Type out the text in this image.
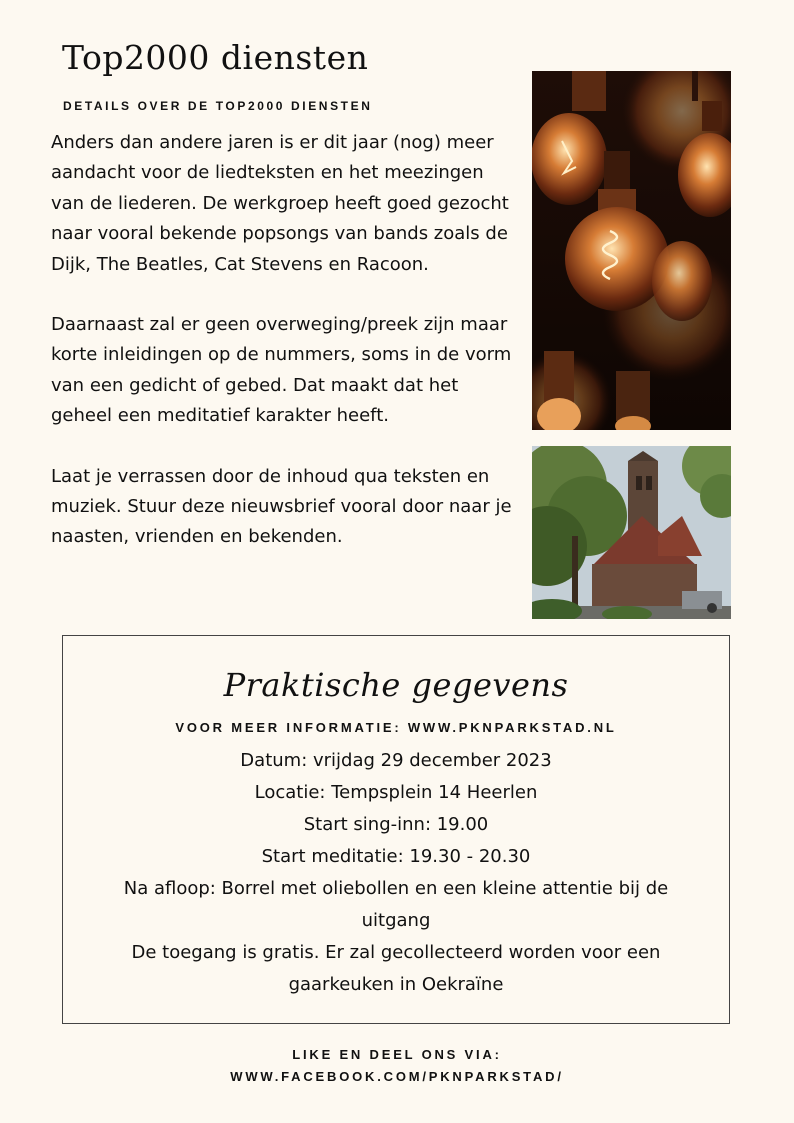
Top2000 diensten
DETAILS OVER DE TOP2000 DIENSTEN

Anders dan andere jaren is er dit jaar (nog) meer aandacht voor de liedteksten en het meezingen van de liederen. De werkgroep heeft goed gezocht naar vooral bekende popsongs van bands zoals de Dijk, The Beatles, Cat Stevens en Racoon.

Daarnaast zal er geen overweging/preek zijn maar korte inleidingen op de nummers, soms in de vorm van een gedicht of gebed. Dat maakt dat het geheel een meditatief karakter heeft.

Laat je verrassen door de inhoud qua teksten en muziek. Stuur deze nieuwsbrief vooral door naar je naasten, vrienden en bekenden.

Praktische gegevens
VOOR MEER INFORMATIE: WWW.PKNPARKSTAD.NL
Datum: vrijdag 29 december 2023
Locatie: Tempsplein 14 Heerlen
Start sing-inn: 19.00
Start meditatie: 19.30 - 20.30
Na afloop: Borrel met oliebollen en een kleine attentie bij de uitgang
De toegang is gratis. Er zal gecollecteerd worden voor een gaarkeuken in Oekraïne
LIKE EN DEEL ONS VIA:
WWW.FACEBOOK.COM/PKNPARKSTAD/
